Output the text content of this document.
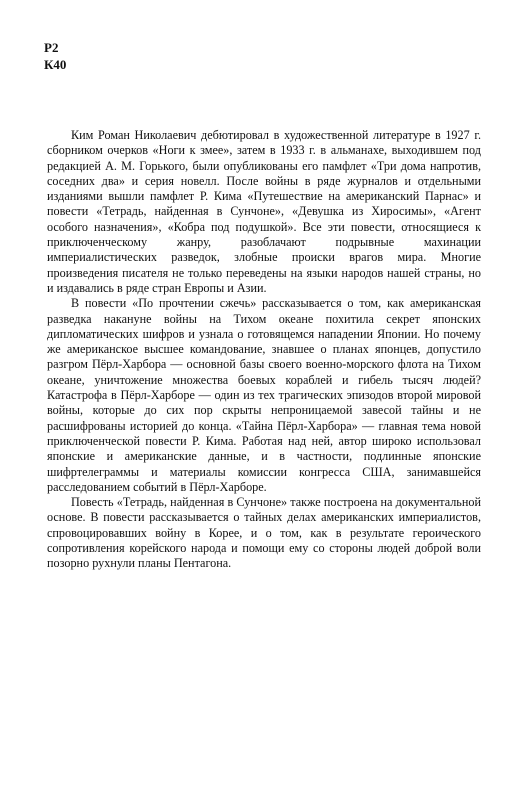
Р2
К40

Ким Роман Николаевич дебютировал в художественной литературе в 1927 г. сборником очерков «Ноги к змее», затем в 1933 г. в альманахе, выходившем под редакцией А. М. Горького, были опубликованы его памфлет «Три дома напротив, соседних два» и серия новелл. После войны в ряде журналов и отдельными изданиями вышли памфлет Р. Кима «Путешествие на американский Парнас» и повести «Тетрадь, найденная в Сунчоне», «Девушка из Хиросимы», «Агент особого назначения», «Кобра под подушкой». Все эти повести, относящиеся к приключенческому жанру, разоблачают подрывные махинации империалистических разведок, злобные происки врагов мира. Многие произведения писателя не только переведены на языки народов нашей страны, но и издавались в ряде стран Европы и Азии.

В повести «По прочтении сжечь» рассказывается о том, как американская разведка накануне войны на Тихом океане похитила секрет японских дипломатических шифров и узнала о готовящемся нападении Японии. Но почему же американское высшее командование, знавшее о планах японцев, допустило разгром Пёрл-Харбора — основной базы своего военно-морского флота на Тихом океане, уничтожение множества боевых кораблей и гибель тысяч людей? Катастрофа в Пёрл-Харборе — один из тех трагических эпизодов второй мировой войны, которые до сих пор скрыты непроницаемой завесой тайны и не расшифрованы историей до конца. «Тайна Пёрл-Харбора» — главная тема новой приключенческой повести Р. Кима. Работая над ней, автор широко использовал японские и американские данные, и в частности, подлинные японские шифртелеграммы и материалы комиссии конгресса США, занимавшейся расследованием событий в Пёрл-Харборе.

Повесть «Тетрадь, найденная в Сунчоне» также построена на документальной основе. В повести рассказывается о тайных делах американских империалистов, спровоцировавших войну в Корее, и о том, как в результате героического сопротивления корейского народа и помощи ему со стороны людей доброй воли позорно рухнули планы Пентагона.
